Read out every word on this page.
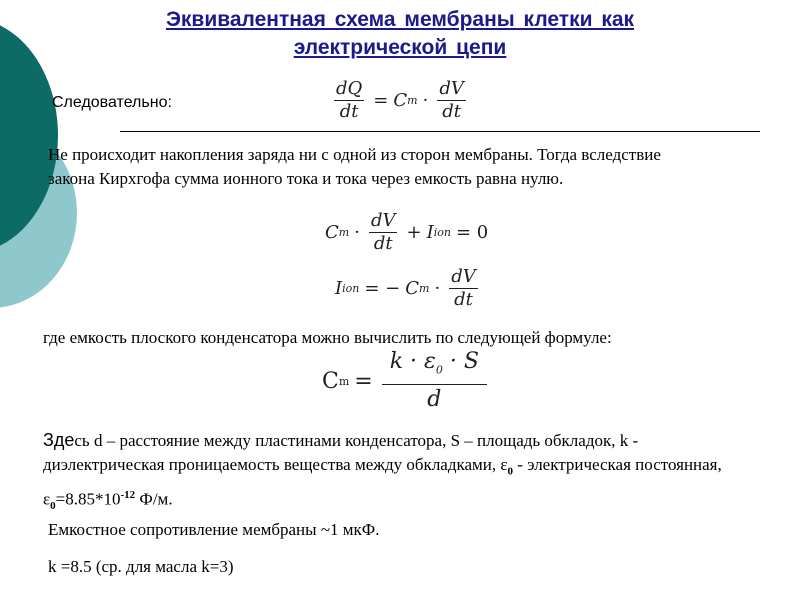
Эквивалентная схема мембраны клетки как электрической цепи
Следовательно:	$\frac{dQ}{dt} = C$ $m \cdot \frac{dV}{dt}$
Не происходит накопления заряда ни с одной из сторон мембраны. Тогда вследствие закона Кирхгофа сумма ионного тока и тока через емкость равна нулю.
C $m \cdot \frac{dV}{dt} + I$ ion = 0
I ion = − C $m \cdot \frac{dV}{dt}$
где емкость плоского конденсатора можно вычислить по следующей формуле:
C $m = \frac{k \cdot \varepsilon_0 \cdot S}{d}$
Здесь d – расстояние между пластинами конденсатора, S – площадь обкладок, k - диэлектрическая проницаемость вещества между обкладками, $\varepsilon_0$ - электрическая постоянная, $\varepsilon_0=8.85*10^{-12}$ Ф/м.
Емкостное сопротивление мембраны ~1 мкФ.
k =8.5 (ср. для масла k=3)
